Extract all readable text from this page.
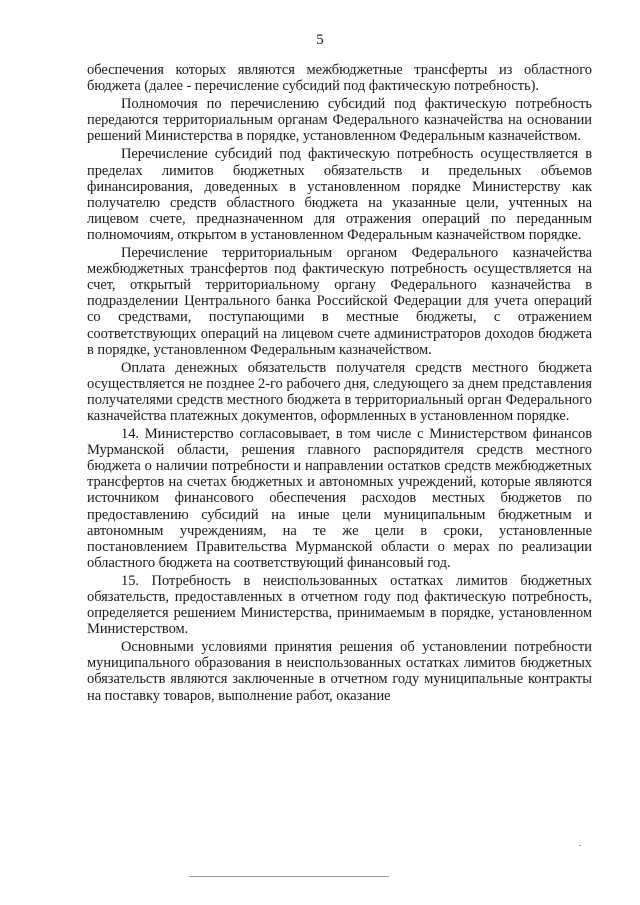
5

обеспечения которых являются межбюджетные трансферты из областного бюджета (далее - перечисление субсидий под фактическую потребность).

Полномочия по перечислению субсидий под фактическую потребность передаются территориальным органам Федерального казначейства на основании решений Министерства в порядке, установленном Федеральным казначейством.

Перечисление субсидий под фактическую потребность осуществляется в пределах лимитов бюджетных обязательств и предельных объемов финансирования, доведенных в установленном порядке Министерству как получателю средств областного бюджета на указанные цели, учтенных на лицевом счете, предназначенном для отражения операций по переданным полномочиям, открытом в установленном Федеральным казначейством порядке.

Перечисление территориальным органом Федерального казначейства межбюджетных трансфертов под фактическую потребность осуществляется на счет, открытый территориальному органу Федерального казначейства в подразделении Центрального банка Российской Федерации для учета операций со средствами, поступающими в местные бюджеты, с отражением соответствующих операций на лицевом счете администраторов доходов бюджета в порядке, установленном Федеральным казначейством.

Оплата денежных обязательств получателя средств местного бюджета осуществляется не позднее 2-го рабочего дня, следующего за днем представления получателями средств местного бюджета в территориальный орган Федерального казначейства платежных документов, оформленных в установленном порядке.

14. Министерство согласовывает, в том числе с Министерством финансов Мурманской области, решения главного распорядителя средств местного бюджета о наличии потребности и направлении остатков средств межбюджетных трансфертов на счетах бюджетных и автономных учреждений, которые являются источником финансового обеспечения расходов местных бюджетов по предоставлению субсидий на иные цели муниципальным бюджетным и автономным учреждениям, на те же цели в сроки, установленные постановлением Правительства Мурманской области о мерах по реализации областного бюджета на соответствующий финансовый год.

15. Потребность в неиспользованных остатках лимитов бюджетных обязательств, предоставленных в отчетном году под фактическую потребность, определяется решением Министерства, принимаемым в порядке, установленном Министерством.

Основными условиями принятия решения об установлении потребности муниципального образования в неиспользованных остатках лимитов бюджетных обязательств являются заключенные в отчетном году муниципальные контракты на поставку товаров, выполнение работ, оказание
